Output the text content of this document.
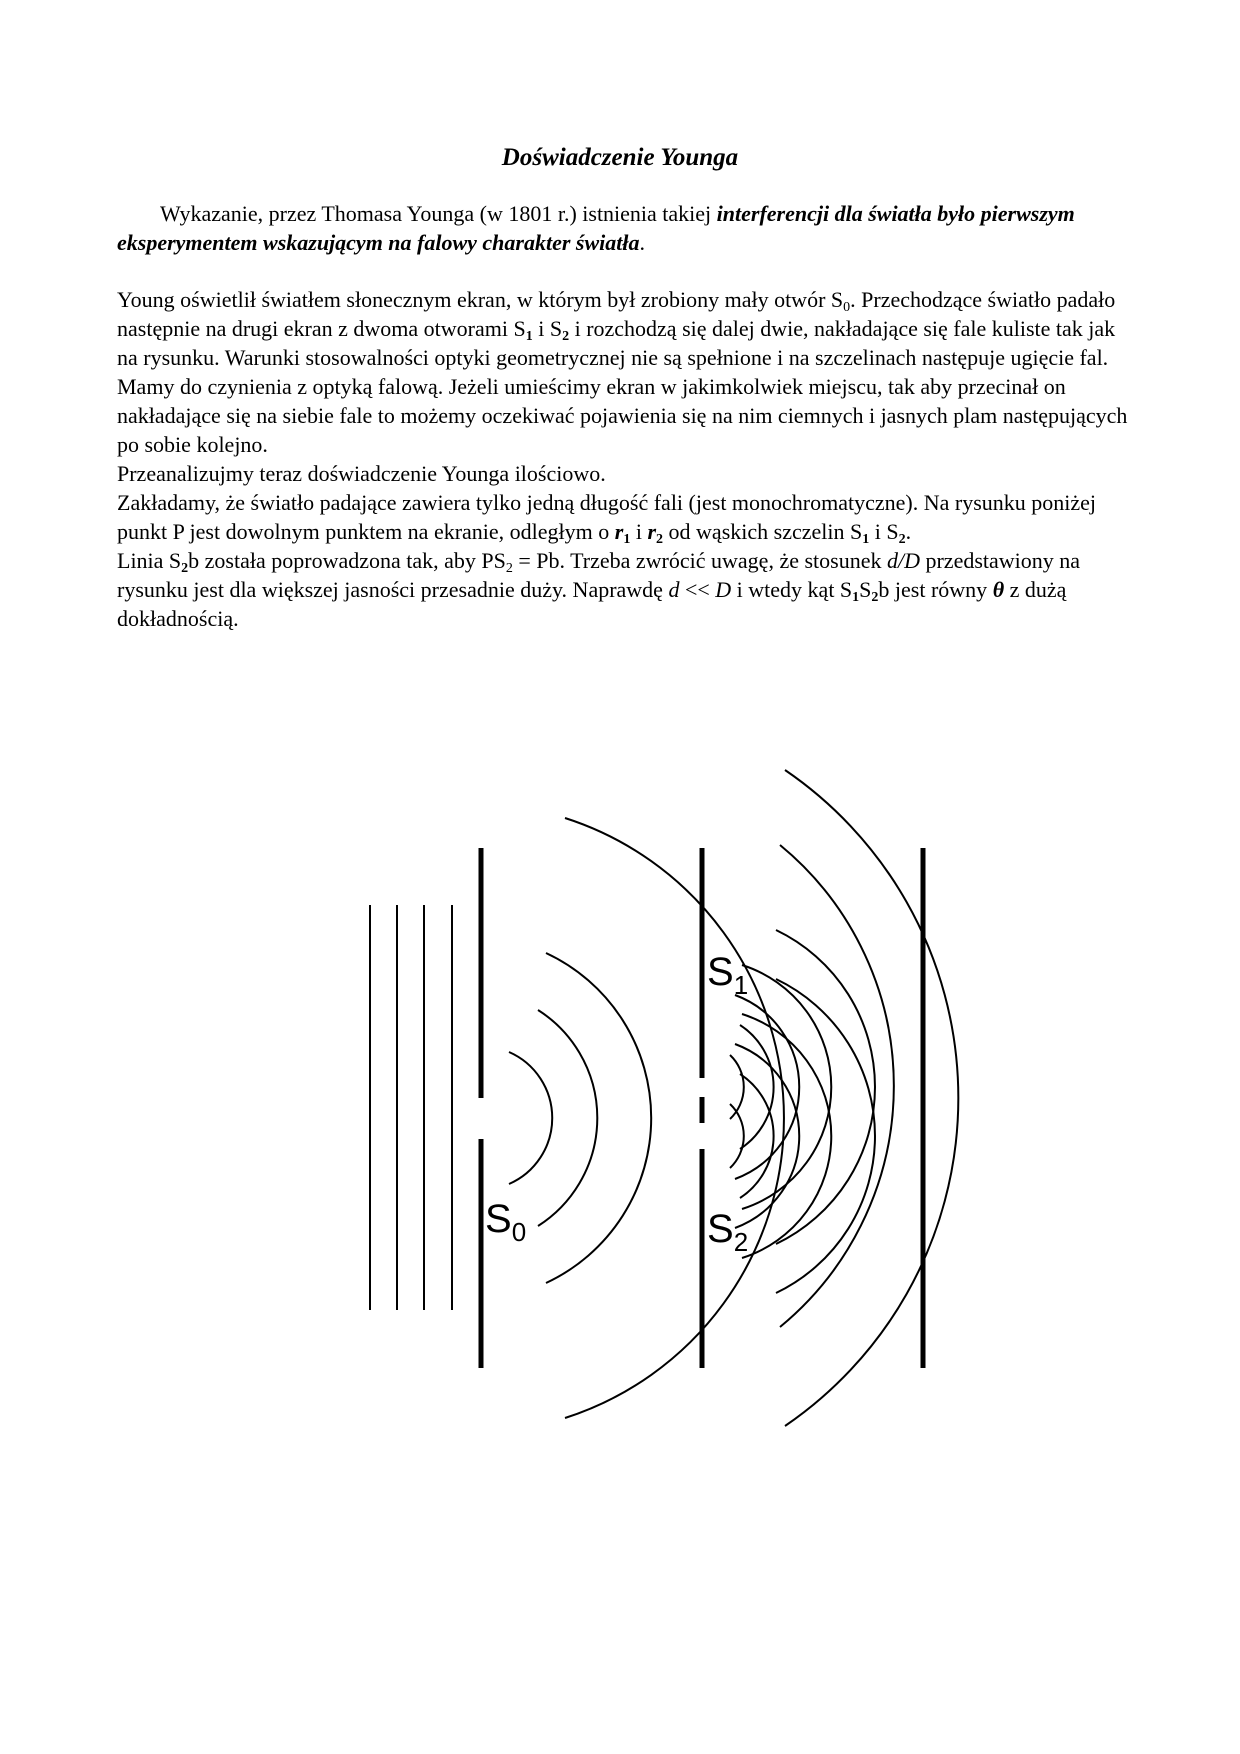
Doświadczenie Younga
Wykazanie, przez Thomasa Younga (w 1801 r.) istnienia takiej interferencji dla światła było pierwszym eksperymentem wskazującym na falowy charakter światła.

Young oświetlił światłem słonecznym ekran, w którym był zrobiony mały otwór $S_0$. Przechodzące światło padało następnie na drugi ekran z dwoma otworami $S_1$ i $S_2$ i rozchodzą się dalej dwie, nakładające się fale kuliste tak jak na rysunku. Warunki stosowalności optyki geometrycznej nie są spełnione i na szczelinach następuje ugięcie fal. Mamy do czynienia z optyką falową. Jeżeli umieścimy ekran w jakimkolwiek miejscu, tak aby przecinał on nakładające się na siebie fale to możemy oczekiwać pojawienia się na nim ciemnych i jasnych plam następujących po sobie kolejno.

Przeanalizujmy teraz doświadczenie Younga ilościowo.

Zakładamy, że światło padające zawiera tylko jedną długość fali (jest monochromatyczne). Na rysunku poniżej punkt P jest dowolnym punktem na ekranie, odległym o $r_1$ i $r_2$ od wąskich szczelin $S_1$ i $S_2$.

Linia $S_2b$ została poprowadzona tak, aby $PS_2 = Pb$. Trzeba zwrócić uwagę, że stosunek d/D przedstawiony na rysunku jest dla większej jasności przesadnie duży. Naprawdę d << D i wtedy kąt $S_1S_2b$ jest równy θ z dużą dokładnością.

$S_0$
$S_1$
$S_2$
